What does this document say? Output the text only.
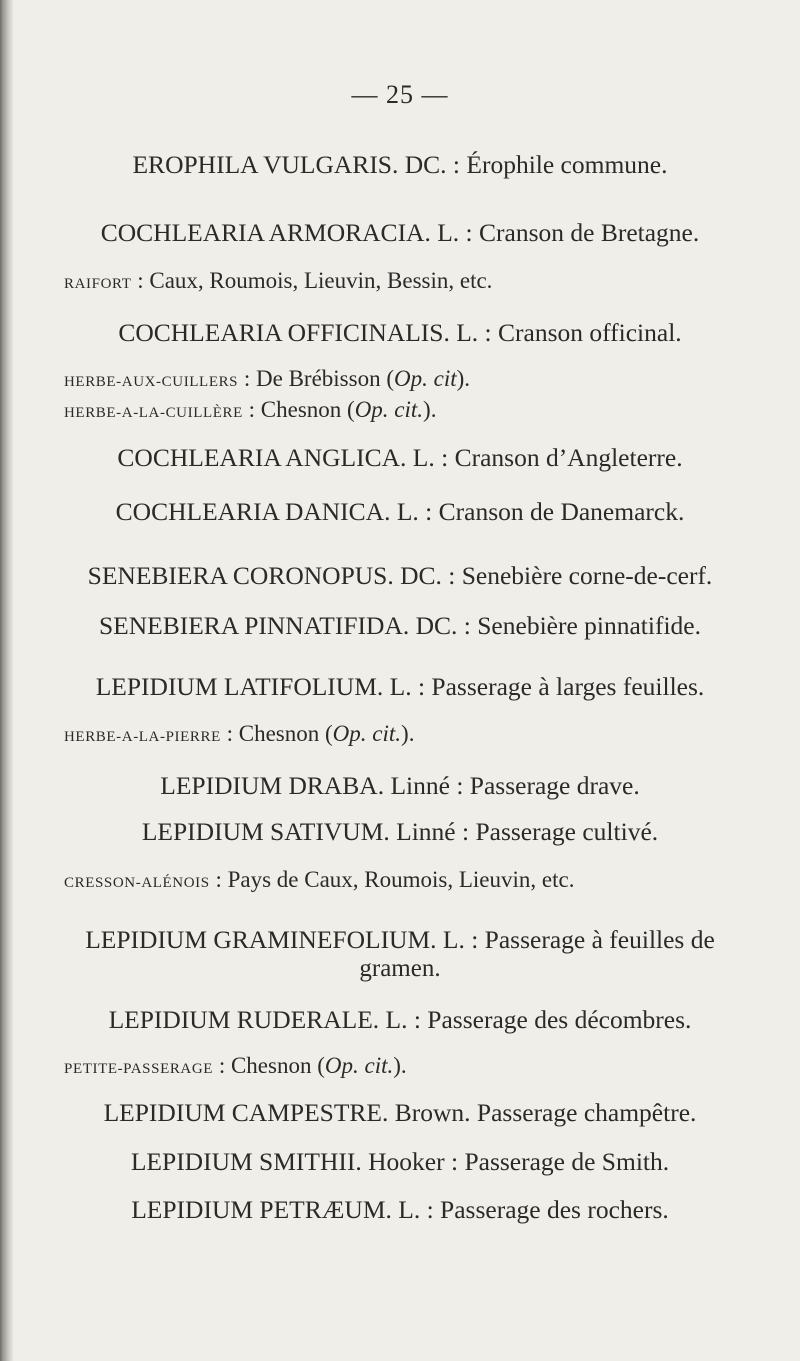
— 25 —
EROPHILA VULGARIS. DC. : Érophile commune.
COCHLEARIA ARMORACIA. L. : Cranson de Bretagne.
RAIFORT : Caux, Roumois, Lieuvin, Bessin, etc.
COCHLEARIA OFFICINALIS. L. : Cranson officinal.
HERBE-AUX-CUILLERS : De Brébisson (Op. cit).
HERBE-A-LA-CUILLÈRE : Chesnon (Op. cit.).
COCHLEARIA ANGLICA. L. : Cranson d’Angleterre.
COCHLEARIA DANICA. L. : Cranson de Danemarck.
SENEBIERA CORONOPUS. DC. : Senebière corne-de-cerf.
SENEBIERA PINNATIFIDA. DC. : Senebière pinnatifide.
LEPIDIUM LATIFOLIUM. L. : Passerage à larges feuilles.
HERBE-A-LA-PIERRE : Chesnon (Op. cit.).
LEPIDIUM DRABA. Linné : Passerage drave.
LEPIDIUM SATIVUM. Linné : Passerage cultivé.
CRESSON-ALÉNOIS : Pays de Caux, Roumois, Lieuvin, etc.
LEPIDIUM GRAMINEFOLIUM. L. : Passerage à feuilles de
gramen.
LEPIDIUM RUDERALE. L. : Passerage des décombres.
PETITE-PASSERAGE : Chesnon (Op. cit.).
LEPIDIUM CAMPESTRE. Brown. Passerage champêtre.
LEPIDIUM SMITHII. Hooker : Passerage de Smith.
LEPIDIUM PETRÆUM. L. : Passerage des rochers.
